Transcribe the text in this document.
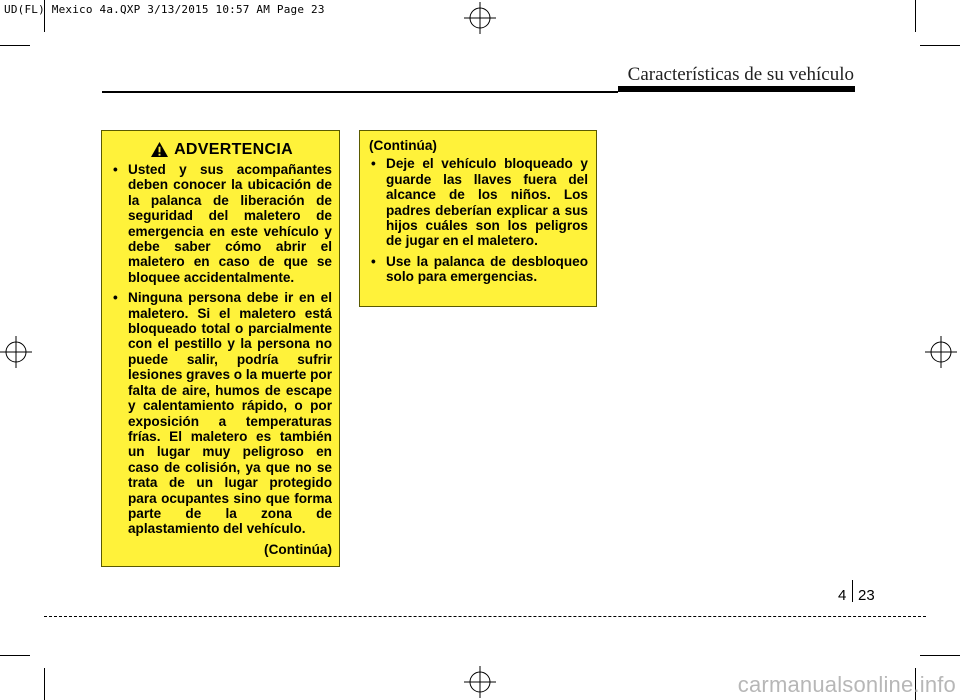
UD(FL) Mexico 4a.QXP 3/13/2015 10:57 AM Page 23
Características de su vehículo
ADVERTENCIA
• Usted y sus acompañantes deben conocer la ubicación de la palanca de liberación de seguridad del maletero de emergencia en este vehículo y debe saber cómo abrir el maletero en caso de que se bloquee accidentalmente.
• Ninguna persona debe ir en el maletero. Si el maletero está bloqueado total o parcialmente con el pestillo y la persona no puede salir, podría sufrir lesiones graves o la muerte por falta de aire, humos de escape y calentamiento rápido, o por exposición a temperaturas frías. El maletero es también un lugar muy peligroso en caso de colisión, ya que no se trata de un lugar protegido para ocupantes sino que forma parte de la zona de aplastamiento del vehículo.
(Continúa)
(Continúa)
• Deje el vehículo bloqueado y guarde las llaves fuera del alcance de los niños. Los padres deberían explicar a sus hijos cuáles son los peligros de jugar en el maletero.
• Use la palanca de desbloqueo solo para emergencias.
4 23
carmanualsonline.info
